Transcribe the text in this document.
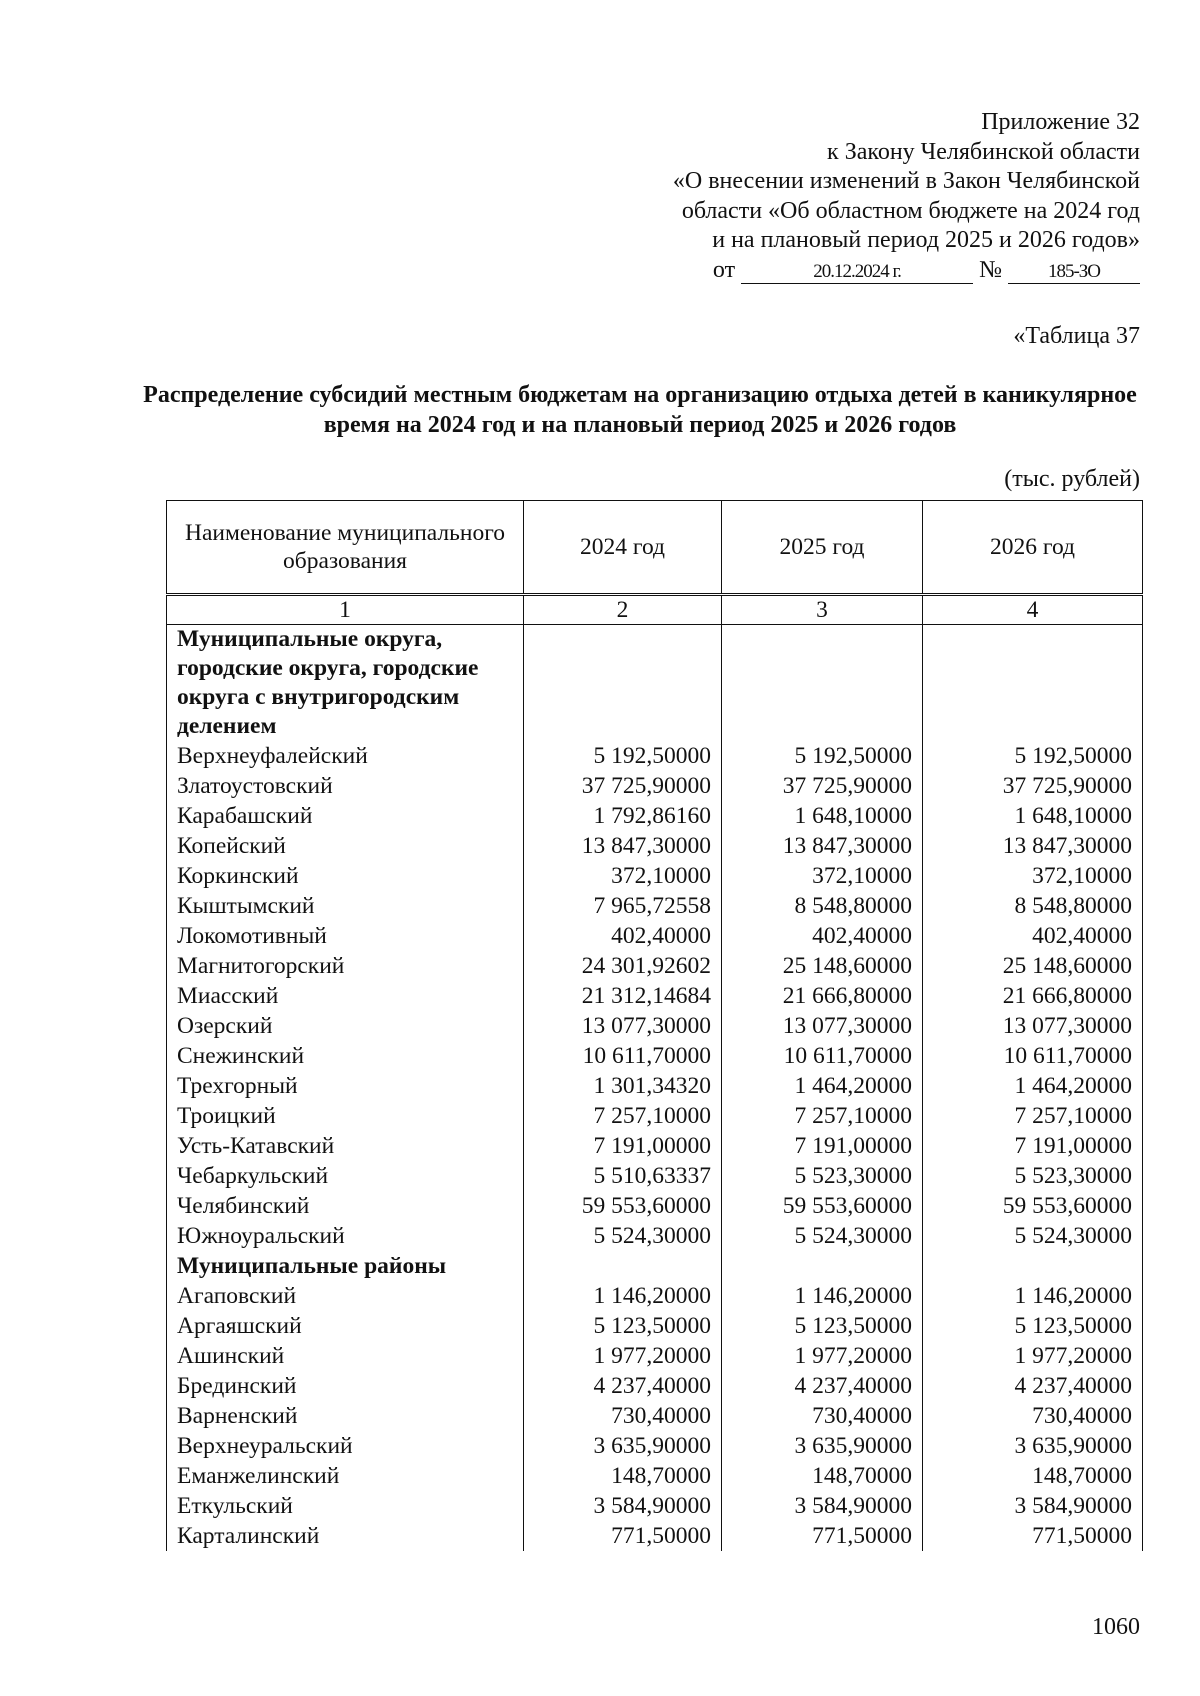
Приложение 32
к Закону Челябинской области
«О внесении изменений в Закон Челябинской
области «Об областном бюджете на 2024 год
и на плановый период 2025 и 2026 годов»
от	20.12.2024 г.	№ 185-ЗО
«Таблица 37
Распределение субсидий местным бюджетам на организацию отдыха детей в каникулярное время на 2024 год и на плановый период 2025 и 2026 годов
(тыс. рублей)
Наименование муниципального образования	2024 год	2025 год	2026 год
1	2	3	4
Муниципальные округа, городские округа, городские округа с внутригородским делением			
Верхнеуфалейский	5 192,50000	5 192,50000	5 192,50000
Златоустовский	37 725,90000	37 725,90000	37 725,90000
Карабашский	1 792,86160	1 648,10000	1 648,10000
Копейский	13 847,30000	13 847,30000	13 847,30000
Коркинский	372,10000	372,10000	372,10000
Кыштымский	7 965,72558	8 548,80000	8 548,80000
Локомотивный	402,40000	402,40000	402,40000
Магнитогорский	24 301,92602	25 148,60000	25 148,60000
Миасский	21 312,14684	21 666,80000	21 666,80000
Озерский	13 077,30000	13 077,30000	13 077,30000
Снежинский	10 611,70000	10 611,70000	10 611,70000
Трехгорный	1 301,34320	1 464,20000	1 464,20000
Троицкий	7 257,10000	7 257,10000	7 257,10000
Усть-Катавский	7 191,00000	7 191,00000	7 191,00000
Чебаркульский	5 510,63337	5 523,30000	5 523,30000
Челябинский	59 553,60000	59 553,60000	59 553,60000
Южноуральский	5 524,30000	5 524,30000	5 524,30000
Муниципальные районы			
Агаповский	1 146,20000	1 146,20000	1 146,20000
Аргаяшский	5 123,50000	5 123,50000	5 123,50000
Ашинский	1 977,20000	1 977,20000	1 977,20000
Брединский	4 237,40000	4 237,40000	4 237,40000
Варненский	730,40000	730,40000	730,40000
Верхнеуральский	3 635,90000	3 635,90000	3 635,90000
Еманжелинский	148,70000	148,70000	148,70000
Еткульский	3 584,90000	3 584,90000	3 584,90000
Карталинский	771,50000	771,50000	771,50000
1060
